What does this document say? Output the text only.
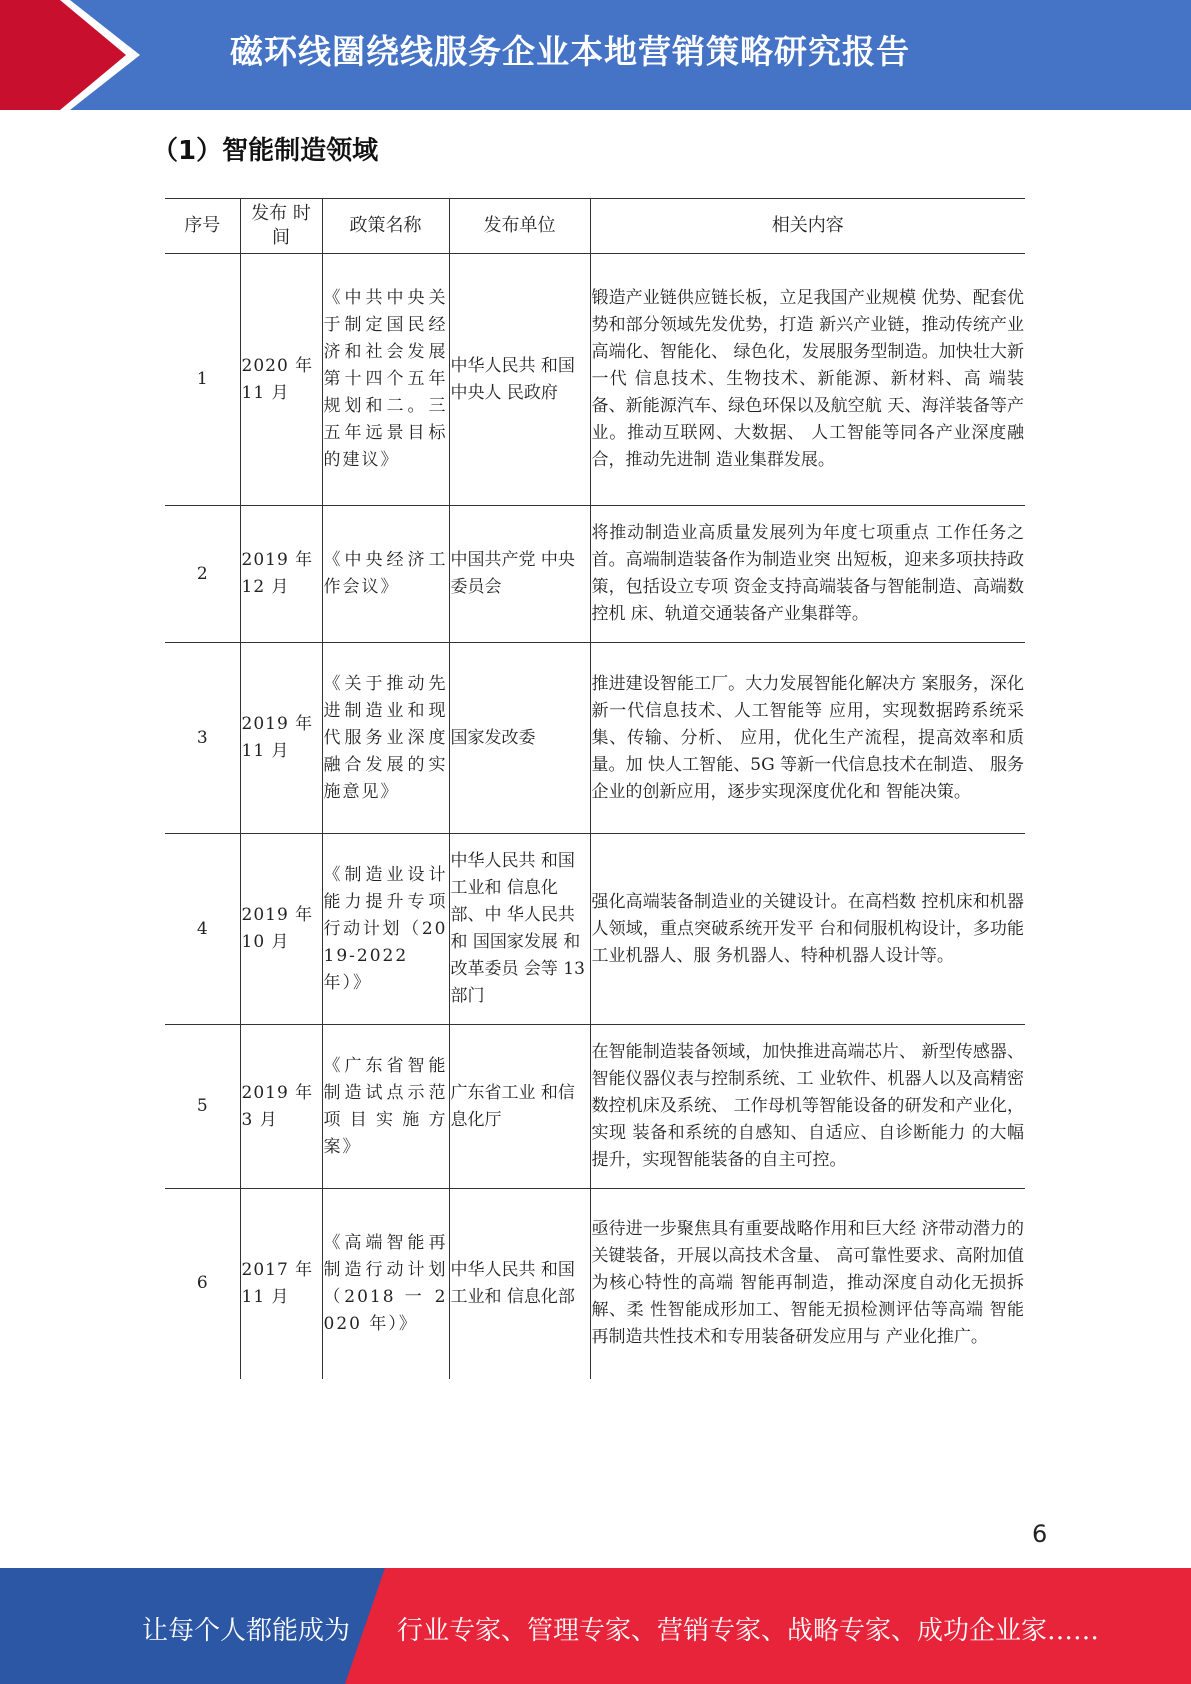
磁环线圈绕线服务企业本地营销策略研究报告
（1）智能制造领域
序号	发布 时间	政策名称	发布单位	相关内容
1	2020 年 11 月	《中共中央关于制定国民经济和社会发展第十四个五年规划和二。三五年远景目标的建议》	中华人民共 和国中央人 民政府	锻造产业链供应链长板，立足我国产业规模 优势、配套优势和部分领域先发优势，打造 新兴产业链，推动传统产业高端化、智能化、 绿色化，发展服务型制造。加快壮大新一代 信息技术、生物技术、新能源、新材料、高 端装备、新能源汽车、绿色环保以及航空航 天、海洋装备等产业。推动互联网、大数据、 人工智能等同各产业深度融合，推动先进制 造业集群发展。
2	2019 年 12 月	《中央经济工作会议》	中国共产党 中央委员会	将推动制造业高质量发展列为年度七项重点 工作任务之首。高端制造装备作为制造业突 出短板，迎来多项扶持政策，包括设立专项 资金支持高端装备与智能制造、高端数控机 床、轨道交通装备产业集群等。
3	2019 年 11 月	《关于推动先进制造业和现代服务业深度融合发展的实施意见》	国家发改委	推进建设智能工厂。大力发展智能化解决方 案服务，深化新一代信息技术、人工智能等 应用，实现数据跨系统采集、传输、分析、 应用，优化生产流程，提高效率和质量。加 快人工智能、5G 等新一代信息技术在制造、 服务企业的创新应用，逐步实现深度优化和 智能决策。
4	2019 年 10 月	《制造业设计能力提升专项行动计划（2019-2022 年）》	中华人民共 和国工业和 信息化部、中 华人民共和 国国家发展 和改革委员 会等 13 部门	强化高端装备制造业的关键设计。在高档数 控机床和机器人领域，重点突破系统开发平 台和伺服机构设计，多功能工业机器人、服 务机器人、特种机器人设计等。
5	2019 年 3 月	《广东省智能制造试点示范项目实施方案》	广东省工业 和信息化厅	在智能制造装备领域，加快推进高端芯片、 新型传感器、智能仪器仪表与控制系统、工 业软件、机器人以及高精密数控机床及系统、 工作母机等智能设备的研发和产业化，实现 装备和系统的自感知、自适应、自诊断能力 的大幅提升，实现智能装备的自主可控。
6	2017 年 11 月	《高端智能再制造行动计划（2018 一 2020 年）》	中华人民共 和国工业和 信息化部	亟待进一步聚焦具有重要战略作用和巨大经 济带动潜力的关键装备，开展以高技术含量、 高可靠性要求、高附加值为核心特性的高端 智能再制造，推动深度自动化无损拆解、柔 性智能成形加工、智能无损检测评估等高端 智能再制造共性技术和专用装备研发应用与 产业化推广。
6
让每个人都能成为 行业专家、管理专家、营销专家、战略专家、成功企业家……
